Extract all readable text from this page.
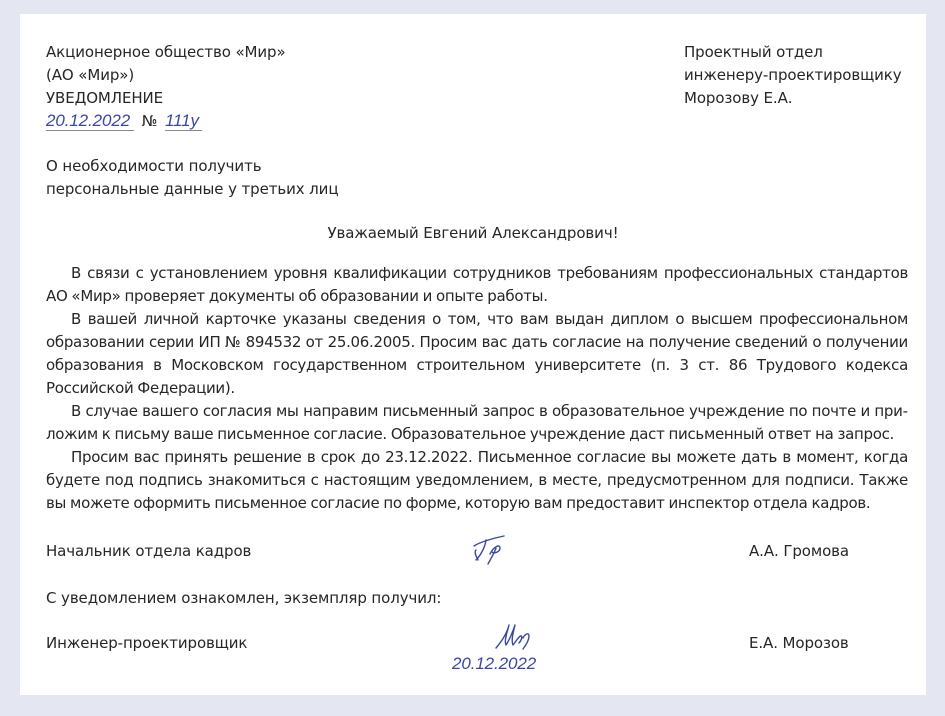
Акционерное общество «Мир»
(АО «Мир»)
УВЕДОМЛЕНИЕ
20.12.2022 № 111у
Проектный отдел
инженеру-проектировщику
Морозову Е.А.
О необходимости получить
персональные данные у третьих лиц
Уважаемый Евгений Александрович!

В связи с установлением уровня квалификации сотрудников требованиям профессиональных стандартов АО «Мир» проверяет документы об образовании и опыте работы.

В вашей личной карточке указаны сведения о том, что вам выдан диплом о высшем профессиональном образовании серии ИП № 894532 от 25.06.2005. Просим вас дать согласие на получение сведений о получении образования в Московском государственном строительном университете (п. 3 ст. 86 Трудового кодекса Российской Федерации).

В случае вашего согласия мы направим письменный запрос в образовательное учреждение по почте и приложим к письму ваше письменное согласие. Образовательное учреждение даст письменный ответ на запрос.

Просим вас принять решение в срок до 23.12.2022. Письменное согласие вы можете дать в момент, когда будете под подпись знакомиться с настоящим уведомлением, в месте, предусмотренном для подписи. Также вы можете оформить письменное согласие по форме, которую вам предоставит инспектор отдела кадров.

Начальник отдела кадров	А.А. Громова
С уведомлением ознакомлен, экземпляр получил:
Инженер-проектировщик
20.12.2022
Е.А. Морозов
